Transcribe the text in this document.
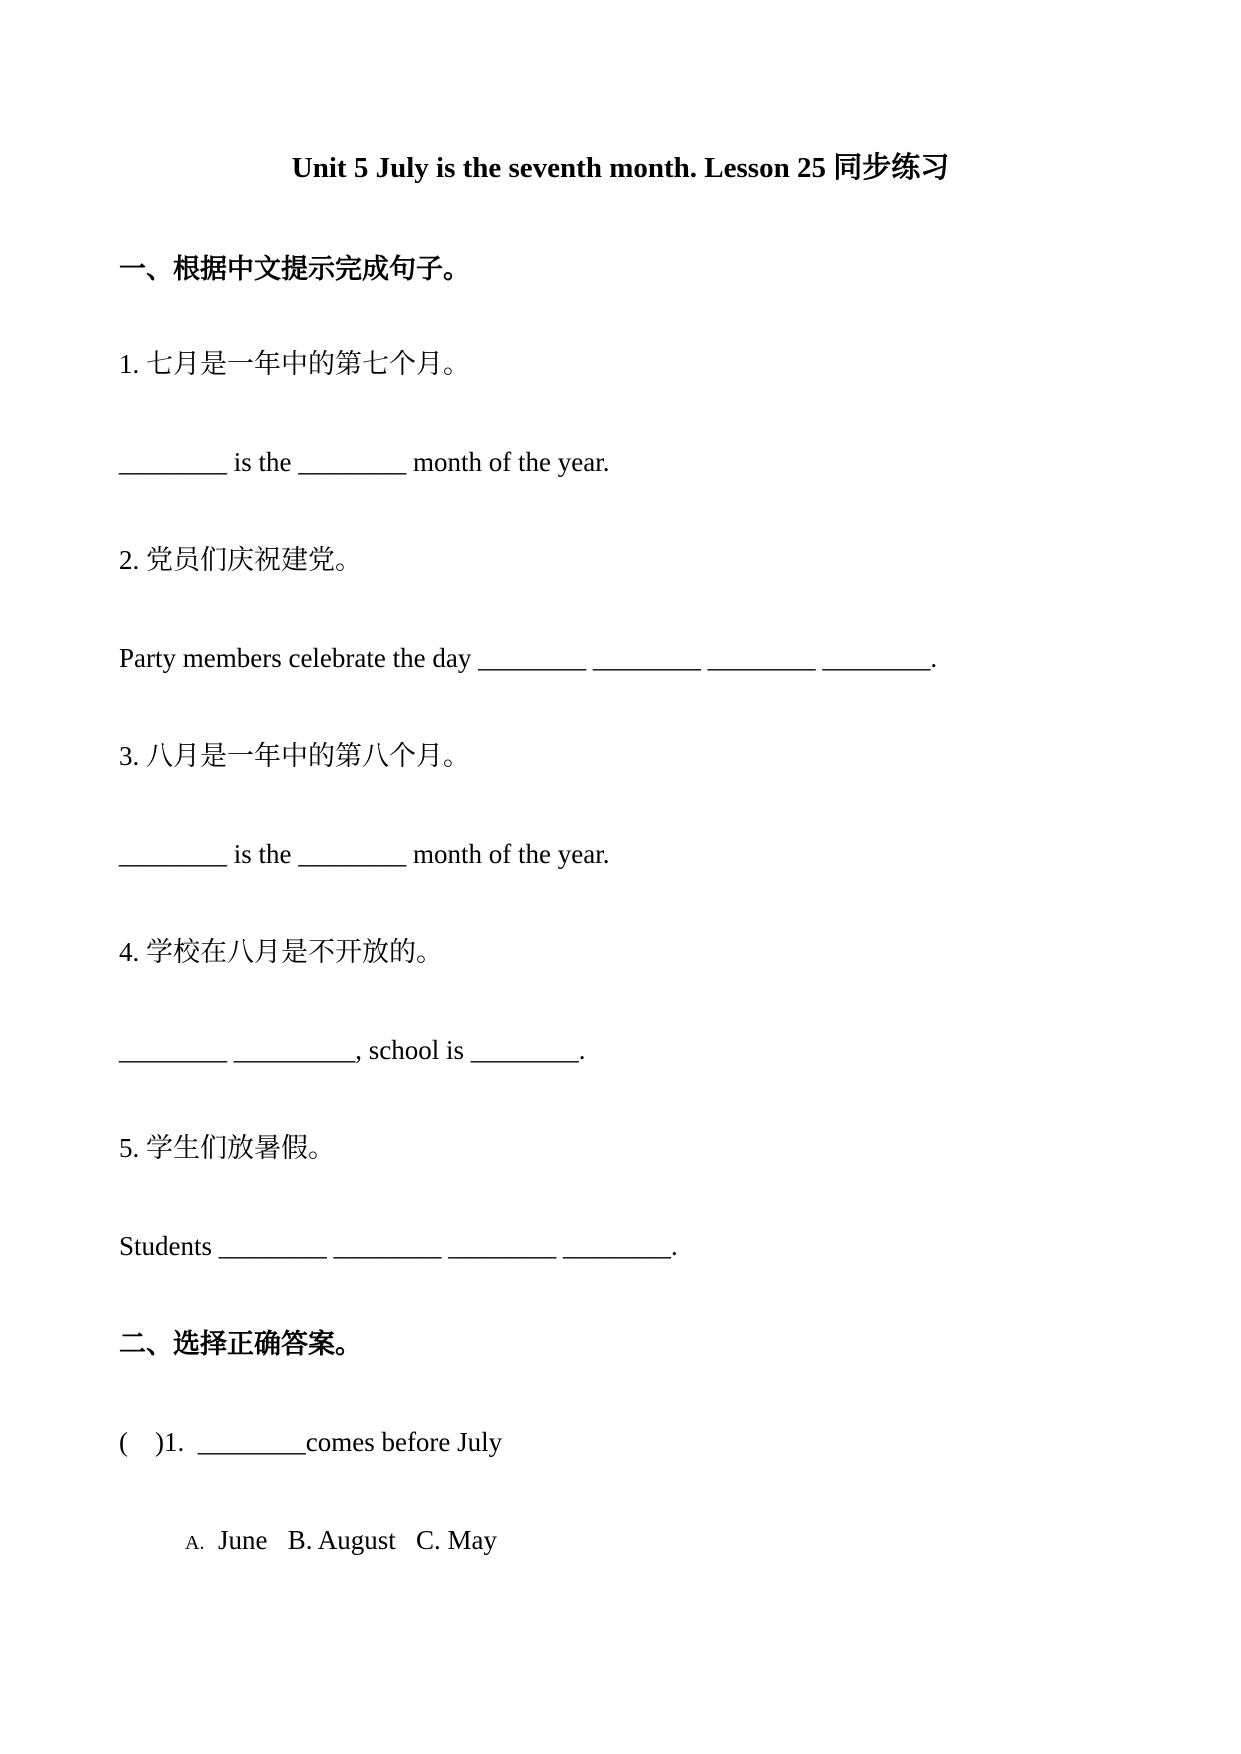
Unit 5 July is the seventh month. Lesson 25 同步练习
一、根据中文提示完成句子。
1. 七月是一年中的第七个月。
________ is the ________ month of the year.
2. 党员们庆祝建党。
Party members celebrate the day ________ ________ ________ ________.
3. 八月是一年中的第八个月。
________ is the ________ month of the year.
4. 学校在八月是不开放的。
________ _________, school is ________.
5. 学生们放暑假。
Students ________ ________ ________ ________.
二、选择正确答案。
(    )1.  ________comes before July
A. June B. August C. May
